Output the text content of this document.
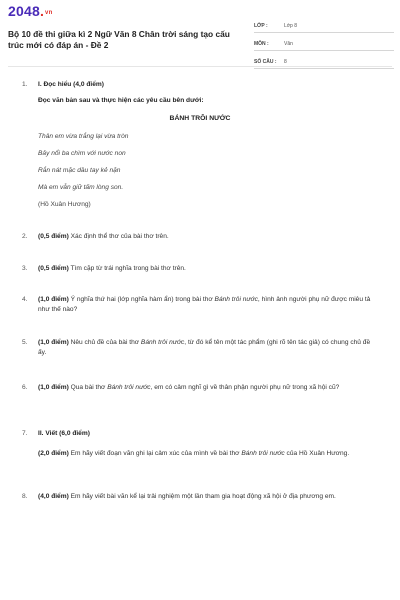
2048.vn
Bộ 10 đề thi giữa kì 2 Ngữ Văn 8 Chân trời sáng tạo cấu trúc mới có đáp án - Đề 2
LỚP :	Lớp 8
MÔN :	Văn
SỐ CÂU :	8
1. I. Đọc hiểu (4,0 điểm)
Đọc văn bản sau và thực hiện các yêu cầu bên dưới:
BÁNH TRÔI NƯỚC
Thân em vừa trắng lại vừa tròn
Bảy nổi ba chìm với nước non
Rắn nát mặc dầu tay kẻ nặn
Mà em vẫn giữ tấm lòng son.
(Hồ Xuân Hương)
2. (0,5 điểm) Xác định thể thơ của bài thơ trên.
3. (0,5 điểm) Tìm cặp từ trái nghĩa trong bài thơ trên.
4. (1,0 điểm) Ý nghĩa thứ hai (lớp nghĩa hàm ẩn) trong bài thơ Bánh trôi nước, hình ảnh người phụ nữ được miêu tả như thế nào?
5. (1,0 điểm) Nêu chủ đề của bài thơ Bánh trôi nước, từ đó kể tên một tác phẩm (ghi rõ tên tác giả) có chung chủ đề ấy.
6. (1,0 điểm) Qua bài thơ Bánh trôi nước, em có cảm nghĩ gì về thân phận người phụ nữ trong xã hội cũ?
7. II. Viết (6,0 điểm)
(2,0 điểm) Em hãy viết đoạn văn ghi lại cảm xúc của mình về bài thơ Bánh trôi nước của Hồ Xuân Hương.
8. (4,0 điểm) Em hãy viết bài văn kể lại trải nghiệm một lần tham gia hoạt động xã hội ở địa phương em.
